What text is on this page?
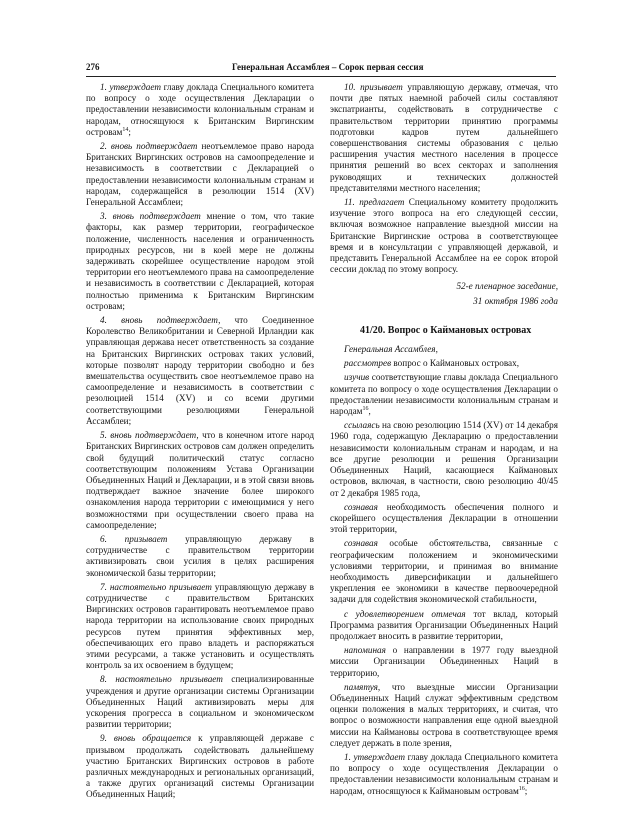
276	Генеральная Ассамблея – Сорок первая сессия

1. утверждает главу доклада Специального комитета по вопросу о ходе осуществления Декларации о предоставлении независимости колониальным странам и народам, относящуюся к Британским Виргинским островам$^{14}$;

2. вновь подтверждает неотъемлемое право народа Британских Виргинских островов на самоопределение и независимость в соответствии с Декларацией о предоставлении независимости колониальным странам и народам, содержащейся в резолюции 1514 (XV) Генеральной Ассамблеи;

3. вновь подтверждает мнение о том, что такие факторы, как размер территории, географическое положение, численность населения и ограниченность природных ресурсов, ни в коей мере не должны задерживать скорейшее осуществление народом этой территории его неотъемлемого права на самоопределение и независимость в соответствии с Декларацией, которая полностью применима к Британским Виргинским островам;

4. вновь подтверждает, что Соединенное Королевство Великобритании и Северной Ирландии как управляющая держава несет ответственность за создание на Британских Виргинских островах таких условий, которые позволят народу территории свободно и без вмешательства осуществить свое неотъемлемое право на самоопределение и независимость в соответствии с резолюцией 1514 (XV) и со всеми другими соответствующими резолюциями Генеральной Ассамблеи;

5. вновь подтверждает, что в конечном итоге народ Британских Виргинских островов сам должен определить свой будущий политический статус согласно соответствующим положениям Устава Организации Объединенных Наций и Декларации, и в этой связи вновь подтверждает важное значение более широкого ознакомления народа территории с имеющимися у него возможностями при осуществлении своего права на самоопределение;

6. призывает управляющую державу в сотрудничестве с правительством территории активизировать свои усилия в целях расширения экономической базы территории;

7. настоятельно призывает управляющую державу в сотрудничестве с правительством Британских Виргинских островов гарантировать неотъемлемое право народа территории на использование своих природных ресурсов путем принятия эффективных мер, обеспечивающих его право владеть и распоряжаться этими ресурсами, а также установить и осуществлять контроль за их освоением в будущем;

8. настоятельно призывает специализированные учреждения и другие организации системы Организации Объединенных Наций активизировать меры для ускорения прогресса в социальном и экономическом развитии территории;

9. вновь обращается к управляющей державе с призывом продолжать содействовать дальнейшему участию Британских Виргинских островов в работе различных международных и региональных организаций, а также других организаций системы Организации Объединенных Наций;

10. призывает управляющую державу, отмечая, что почти две пятых наемной рабочей силы составляют экспатрианты, содействовать в сотрудничестве с правительством территории принятию программы подготовки кадров путем дальнейшего совершенствования системы образования с целью расширения участия местного населения в процессе принятия решений во всех секторах и заполнения руководящих и технических должностей представителями местного населения;

11. предлагает Специальному комитету продолжить изучение этого вопроса на его следующей сессии, включая возможное направление выездной миссии на Британские Виргинские острова в соответствующее время и в консультации с управляющей державой, и представить Генеральной Ассамблее на ее сорок второй сессии доклад по этому вопросу.

52-е пленарное заседание,

31 октября 1986 года

41/20. Вопрос о Каймановых островах

Генеральная Ассамблея,

рассмотрев вопрос о Каймановых островах,

изучив соответствующие главы доклада Специального комитета по вопросу о ходе осуществления Декларации о предоставлении независимости колониальным странам и народам$^{16}$,

ссылаясь на свою резолюцию 1514 (XV) от 14 декабря 1960 года, содержащую Декларацию о предоставлении независимости колониальным странам и народам, и на все другие резолюции и решения Организации Объединенных Наций, касающиеся Каймановых островов, включая, в частности, свою резолюцию 40/45 от 2 декабря 1985 года,

сознавая необходимость обеспечения полного и скорейшего осуществления Декларации в отношении этой территории,

сознавая особые обстоятельства, связанные с географическим положением и экономическими условиями территории, и принимая во внимание необходимость диверсификации и дальнейшего укрепления ее экономики в качестве первоочередной задачи для содействия экономической стабильности,

с удовлетворением отмечая тот вклад, который Программа развития Организации Объединенных Наций продолжает вносить в развитие территории,

напоминая о направлении в 1977 году выездной миссии Организации Объединенных Наций в территорию,

памятуя, что выездные миссии Организации Объединенных Наций служат эффективным средством оценки положения в малых территориях, и считая, что вопрос о возможности направления еще одной выездной миссии на Каймановы острова в соответствующее время следует держать в поле зрения,

1. утверждает главу доклада Специального комитета по вопросу о ходе осуществления Декларации о предоставлении независимости колониальным странам и народам, относящуюся к Каймановым островам$^{16}$;
